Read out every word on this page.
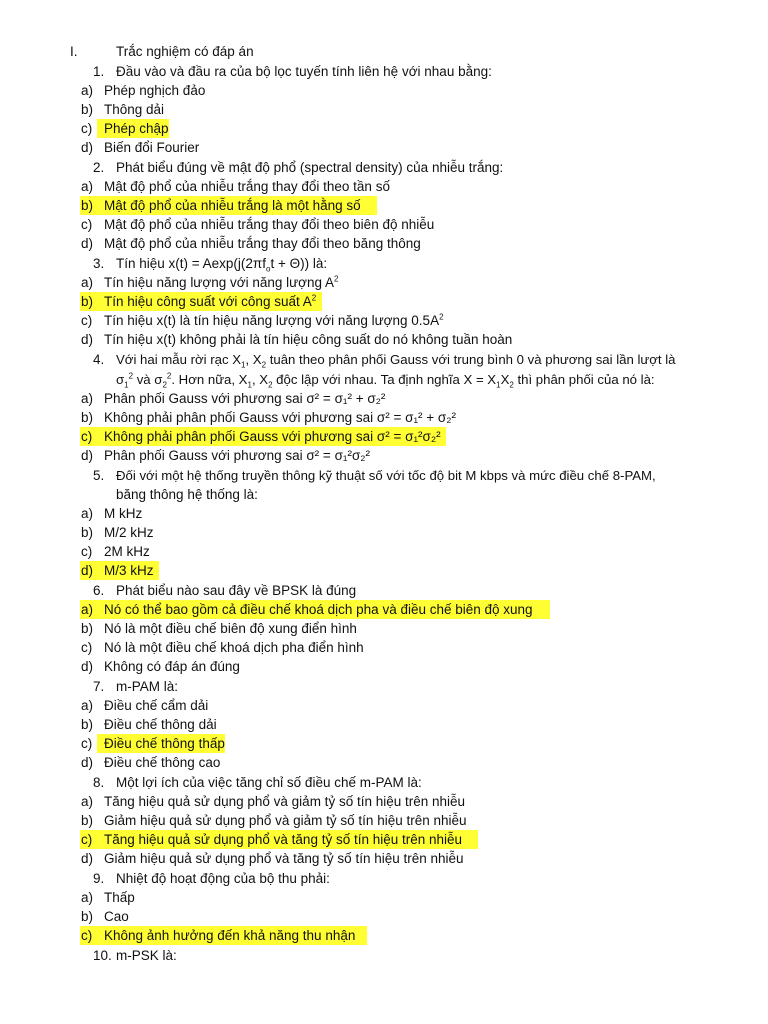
I.	Trắc nghiệm có đáp án
1. Đầu vào và đầu ra của bộ lọc tuyến tính liên hệ với nhau bằng:
a) Phép nghịch đảo
b) Thông dải
c) Phép chập
d) Biến đổi Fourier
2. Phát biểu đúng về mật độ phổ (spectral density) của nhiễu trắng:
a) Mật độ phổ của nhiễu trắng thay đổi theo tần số
b) Mật độ phổ của nhiễu trắng là một hằng số
c) Mật độ phổ của nhiễu trắng thay đổi theo biên độ nhiễu
d) Mật độ phổ của nhiễu trắng thay đổi theo băng thông
3. Tín hiệu $x(t) = Aexp(j(2\pi f_ot + \Theta))$ là:
a) Tín hiệu năng lượng với năng lượng $A^2$
b) Tín hiệu công suất với công suất $A^2$
c) Tín hiệu x(t) là tín hiệu năng lượng với năng lượng $0.5A^2$
d) Tín hiệu x(t) không phải là tín hiệu công suất do nó không tuần hoàn
4. Với hai mẫu rời rạc $X_1$, $X_2$ tuân theo phân phối Gauss với trung bình 0 và phương sai lần lượt là
$\sigma_1^2$ và $\sigma_2^2$. Hơn nữa, $X_1$, $X_2$ độc lập với nhau. Ta định nghĩa $X = X_1X_2$ thì phân phối của nó là:
a) Phân phối Gauss với phương sai σ² = σ₁² + σ₂²
b) Không phải phân phối Gauss với phương sai σ² = σ₁² + σ₂²
c) Không phải phân phối Gauss với phương sai σ² = σ₁²σ₂²
d) Phân phối Gauss với phương sai σ² = σ₁²σ₂²
5. Đối với một hệ thống truyền thông kỹ thuật số với tốc độ bit M kbps và mức điều chế 8-PAM,
băng thông hệ thống là:
a) M kHz
b) M/2 kHz
c) 2M kHz
d) M/3 kHz
6. Phát biểu nào sau đây về BPSK là đúng
a) Nó có thể bao gồm cả điều chế khoá dịch pha và điều chế biên độ xung
b) Nó là một điều chế biên độ xung điển hình
c) Nó là một điều chế khoá dịch pha điển hình
d) Không có đáp án đúng
7. m-PAM là:
a) Điều chế cẩm dải
b) Điều chế thông dải
c) Điều chế thông thấp
d) Điều chế thông cao
8. Một lợi ích của việc tăng chỉ số điều chế m-PAM là:
a) Tăng hiệu quả sử dụng phổ và giảm tỷ số tín hiệu trên nhiễu
b) Giảm hiệu quả sử dụng phổ và giảm tỷ số tín hiệu trên nhiễu
c) Tăng hiệu quả sử dụng phổ và tăng tỷ số tín hiệu trên nhiễu
d) Giảm hiệu quả sử dụng phổ và tăng tỷ số tín hiệu trên nhiễu
9. Nhiệt độ hoạt động của bộ thu phải:
a) Thấp
b) Cao
c) Không ảnh hưởng đến khả năng thu nhận
10. m-PSK là:
